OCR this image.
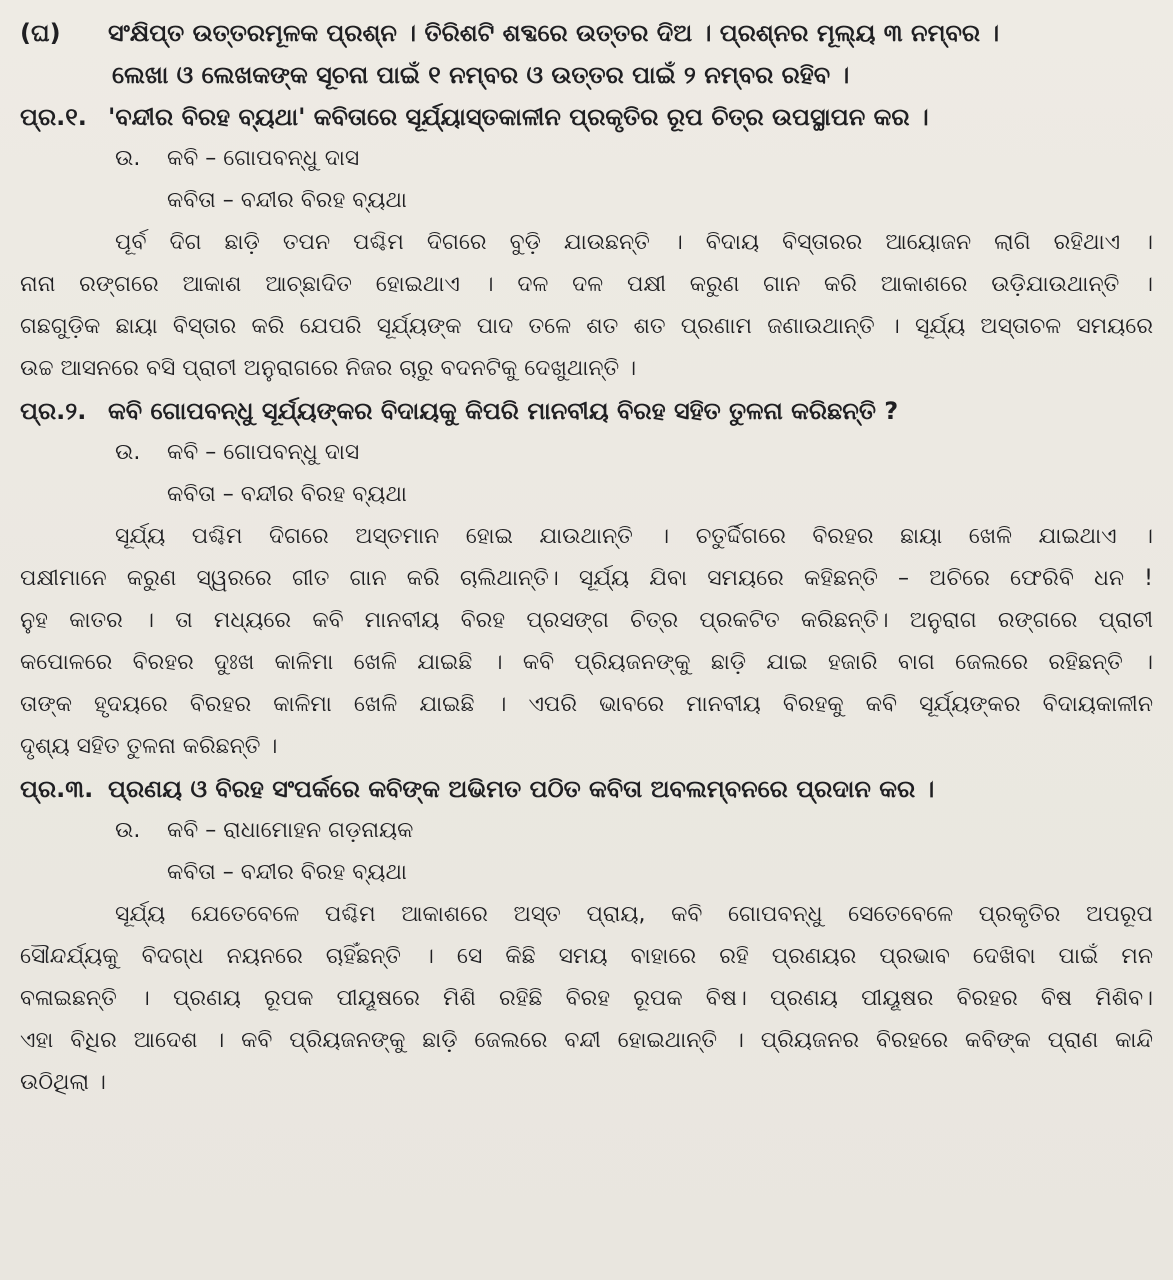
(ଘ) ସଂକ୍ଷିପ୍ତ ଉତ୍ତରମୂଳକ ପ୍ରଶ୍ନ । ତିରିଶଟି ଶବ୍ଦରେ ଉତ୍ତର ଦିଅ । ପ୍ରଶ୍ନର ମୂଲ୍ୟ ୩ ନମ୍ବର ।
ଲେଖା ଓ ଲେଖକଙ୍କ ସୂଚନା ପାଇଁ ୧ ନମ୍ବର ଓ ଉତ୍ତର ପାଇଁ ୨ ନମ୍ବର ରହିବ ।
ପ୍ର.୧. 'ବନ୍ଦୀର ବିରହ ବ୍ୟଥା' କବିତାରେ ସୂର୍ଯ୍ୟାସ୍ତକାଳୀନ ପ୍ରକୃତିର ରୂପ ଚିତ୍ର ଉପସ୍ଥାପନ କର ।
ଉ. କବି – ଗୋପବନ୍ଧୁ ଦାସ
କବିତା – ବନ୍ଦୀର ବିରହ ବ୍ୟଥା
ପୂର୍ବ ଦିଗ ଛାଡ଼ି ତପନ ପଶ୍ଚିମ ଦିଗରେ ବୁଡ଼ି ଯାଉଛନ୍ତି । ବିଦାୟ ବିସ୍ତାରର ଆୟୋଜନ ଲାଗି ରହିଥାଏ ।
ନାନା ରଙ୍ଗରେ ଆକାଶ ଆଚ୍ଛାଦିତ ହୋଇଥାଏ । ଦଳ ଦଳ ପକ୍ଷୀ କରୁଣ ଗାନ କରି ଆକାଶରେ ଉଡ଼ିଯାଉଥାନ୍ତି ।
ଗଛଗୁଡ଼ିକ ଛାୟା ବିସ୍ତାର କରି ଯେପରି ସୂର୍ଯ୍ୟଙ୍କ ପାଦ ତଳେ ଶତ ଶତ ପ୍ରଣାମ ଜଣାଉଥାନ୍ତି । ସୂର୍ଯ୍ୟ ଅସ୍ତାଚଳ ସମୟରେ
ଉଚ୍ଚ ଆସନରେ ବସି ପ୍ରାଚୀ ଅନୁରାଗରେ ନିଜର ଚାରୁ ବଦନଟିକୁ ଦେଖୁଥାନ୍ତି ।
ପ୍ର.୨. କବି ଗୋପବନ୍ଧୁ ସୂର୍ଯ୍ୟଙ୍କର ବିଦାୟକୁ କିପରି ମାନବୀୟ ବିରହ ସହିତ ତୁଳନା କରିଛନ୍ତି ?
ଉ. କବି – ଗୋପବନ୍ଧୁ ଦାସ
କବିତା – ବନ୍ଦୀର ବିରହ ବ୍ୟଥା
ସୂର୍ଯ୍ୟ ପଶ୍ଚିମ ଦିଗରେ ଅସ୍ତମାନ ହୋଇ ଯାଉଥାନ୍ତି । ଚତୁର୍ଦ୍ଦିଗରେ ବିରହର ଛାୟା ଖେଳି ଯାଇଥାଏ ।
ପକ୍ଷୀମାନେ କରୁଣ ସ୍ୱରରେ ଗୀତ ଗାନ କରି ଚାଲିଥାନ୍ତି। ସୂର୍ଯ୍ୟ ଯିବା ସମୟରେ କହିଛନ୍ତି – ଅଚିରେ ଫେରିବି ଧନ !
ନୁହ କାତର । ତା ମଧ୍ୟରେ କବି ମାନବୀୟ ବିରହ ପ୍ରସଙ୍ଗ ଚିତ୍ର ପ୍ରକଟିତ କରିଛନ୍ତି। ଅନୁରାଗ ରଙ୍ଗରେ ପ୍ରାଚୀ
କପୋଳରେ ବିରହର ଦୁଃଖ କାଳିମା ଖେଳି ଯାଇଛି । କବି ପ୍ରିୟଜନଙ୍କୁ ଛାଡ଼ି ଯାଇ ହଜାରି ବାଗ ଜେଲରେ ରହିଛନ୍ତି ।
ତାଙ୍କ ହୃଦୟରେ ବିରହର କାଳିମା ଖେଳି ଯାଇଛି । ଏପରି ଭାବରେ ମାନବୀୟ ବିରହକୁ କବି ସୂର୍ଯ୍ୟଙ୍କର ବିଦାୟକାଳୀନ
ଦୃଶ୍ୟ ସହିତ ତୁଳନା କରିଛନ୍ତି ।
ପ୍ର.୩. ପ୍ରଣୟ ଓ ବିରହ ସଂପର୍କରେ କବିଙ୍କ ଅଭିମତ ପଠିତ କବିତା ଅବଲମ୍ବନରେ ପ୍ରଦାନ କର ।
ଉ. କବି – ରାଧାମୋହନ ଗଡ଼ନାୟକ
କବିତା – ବନ୍ଦୀର ବିରହ ବ୍ୟଥା
ସୂର୍ଯ୍ୟ ଯେତେବେଳେ ପଶ୍ଚିମ ଆକାଶରେ ଅସ୍ତ ପ୍ରାୟ, କବି ଗୋପବନ୍ଧୁ ସେତେବେଳେ ପ୍ରକୃତିର ଅପରୂପ
ସୌନ୍ଦର୍ଯ୍ୟକୁ ବିଦଗ୍ଧ ନୟନରେ ଚାହିଁଛନ୍ତି । ସେ କିଛି ସମୟ ବାହାରେ ରହି ପ୍ରଣୟର ପ୍ରଭାବ ଦେଖିବା ପାଇଁ ମନ
ବଳାଇଛନ୍ତି । ପ୍ରଣୟ ରୂପକ ପୀୟୂଷରେ ମିଶି ରହିଛି ବିରହ ରୂପକ ବିଷ। ପ୍ରଣୟ ପୀୟୂଷର ବିରହର ବିଷ ମିଶିବ।
ଏହା ବିଧିର ଆଦେଶ । କବି ପ୍ରିୟଜନଙ୍କୁ ଛାଡ଼ି ଜେଲରେ ବନ୍ଦୀ ହୋଇଥାନ୍ତି । ପ୍ରିୟଜନର ବିରହରେ କବିଙ୍କ ପ୍ରାଣ କାନ୍ଦି
ଉଠିଥିଲା ।
